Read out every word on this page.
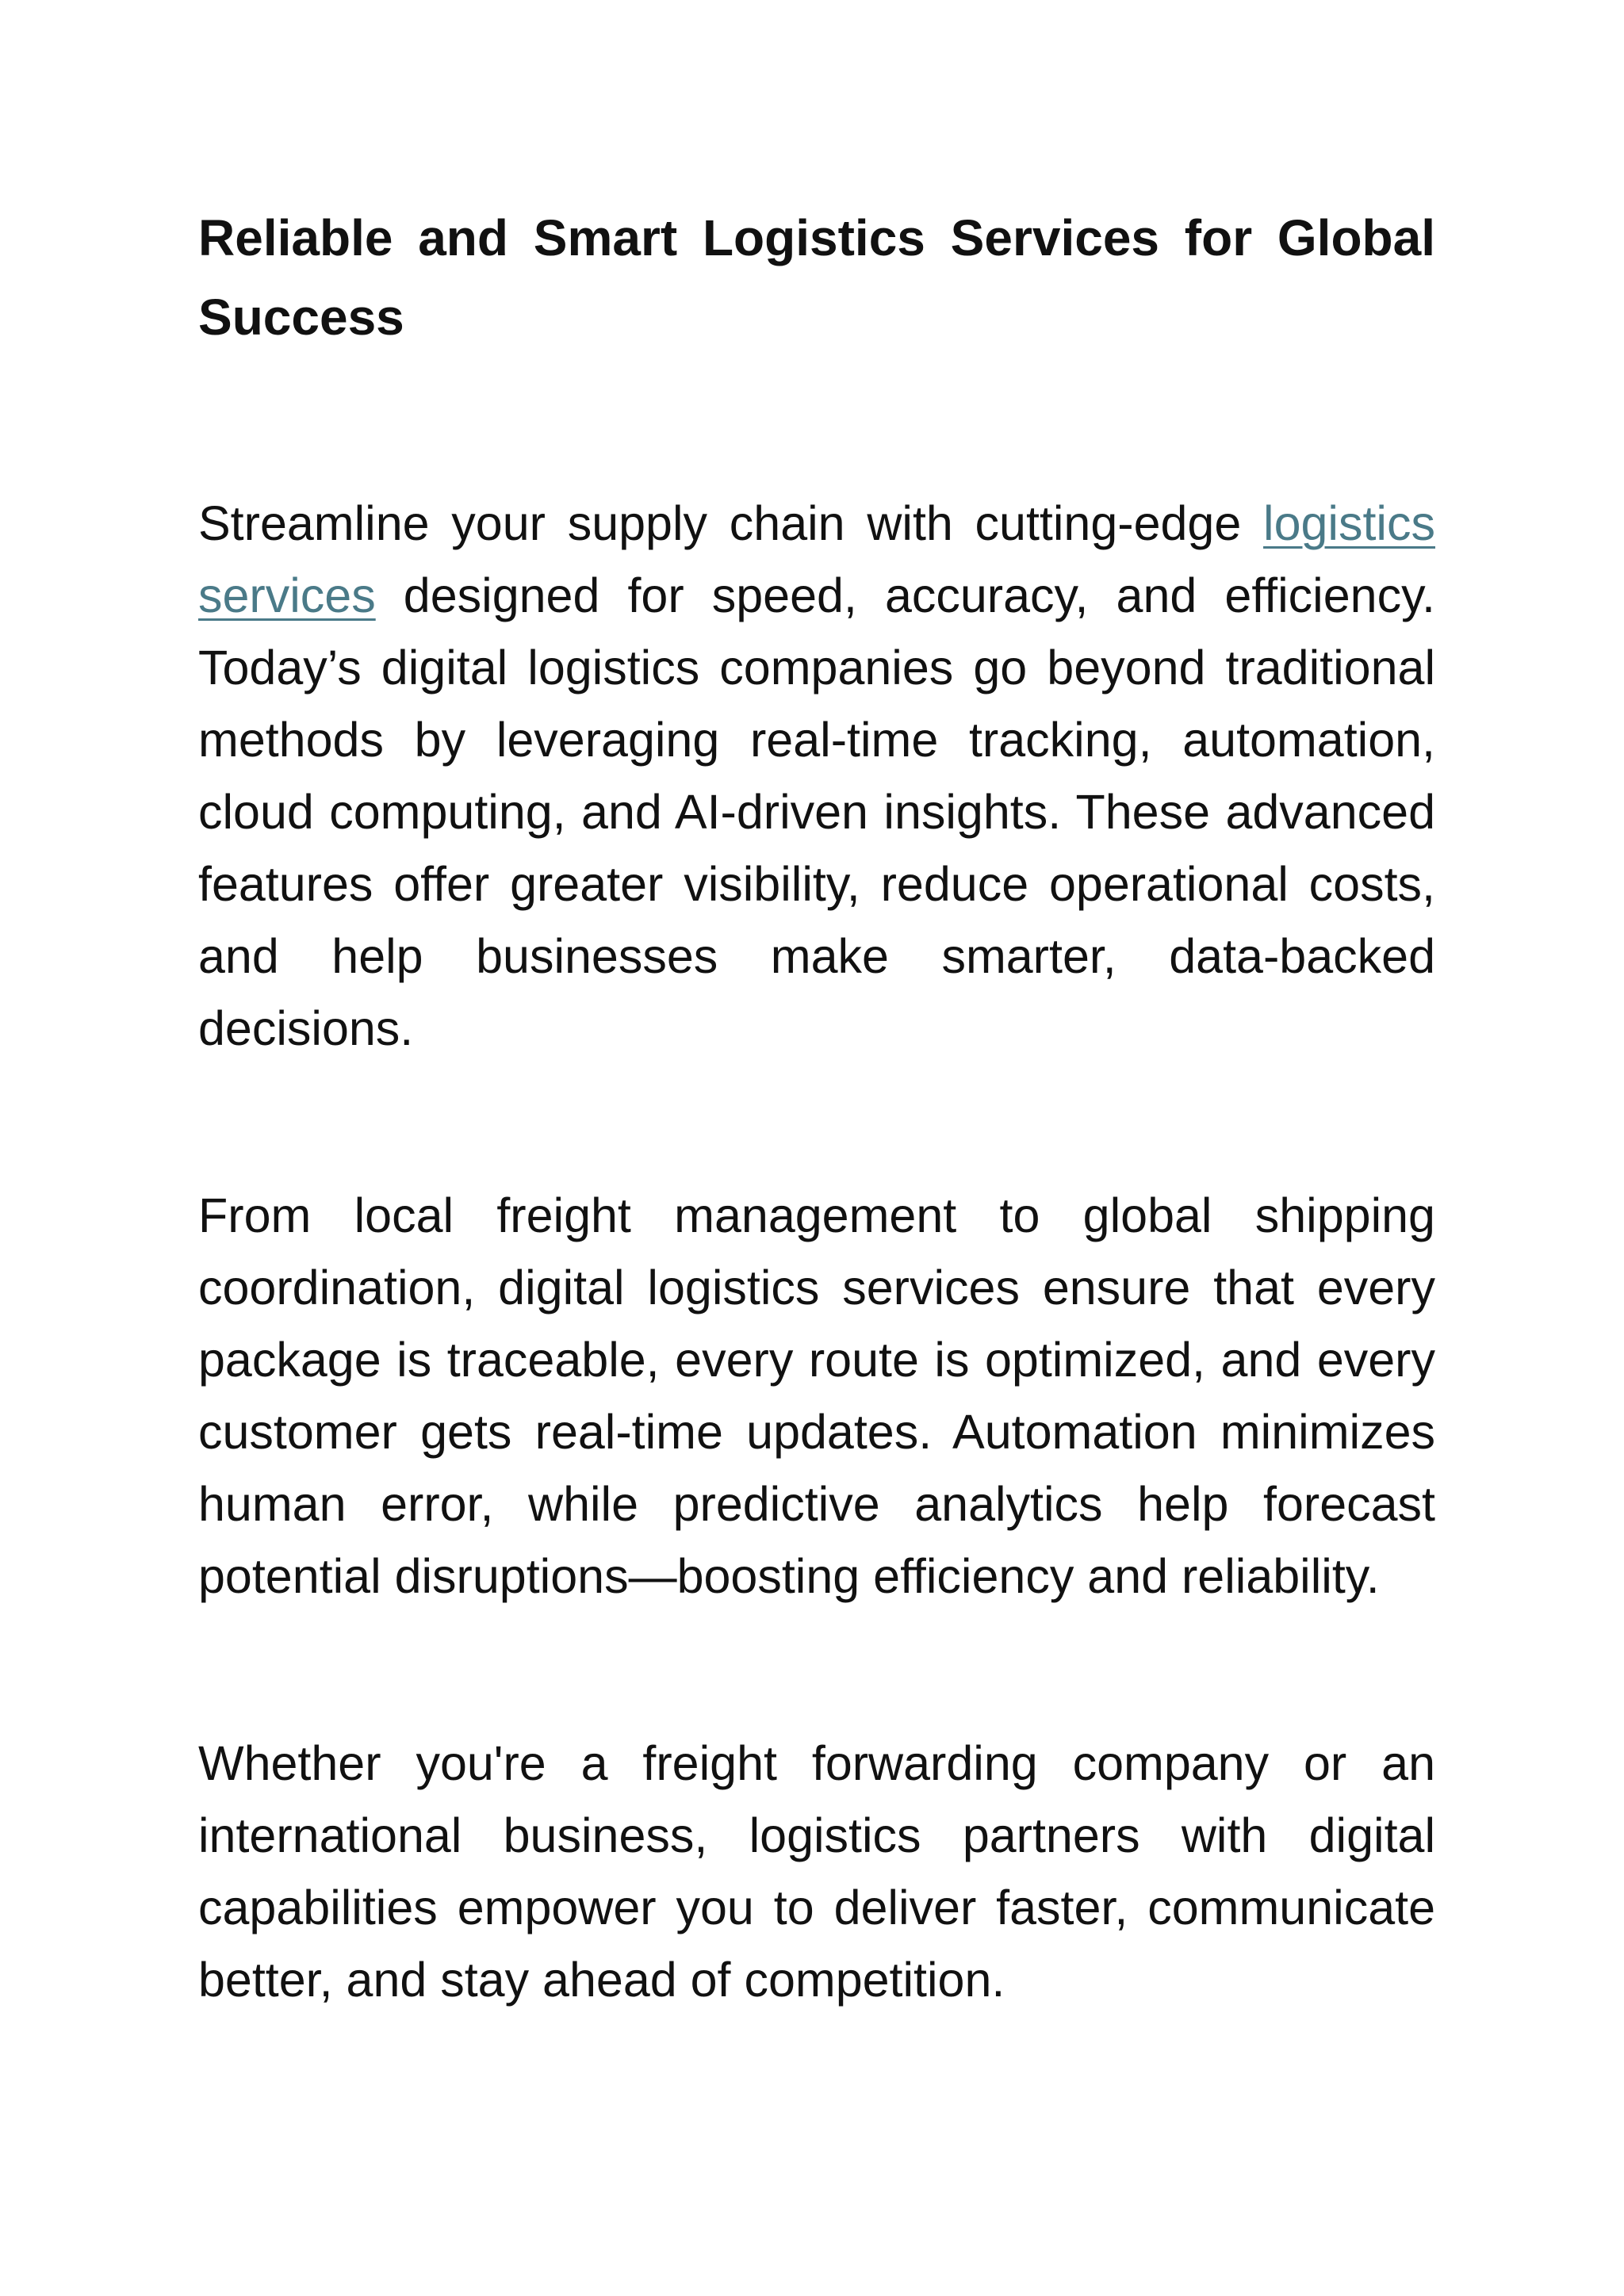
Reliable and Smart Logistics Services for Global Success

Streamline your supply chain with cutting-edge logistics services designed for speed, accuracy, and efficiency. Today’s digital logistics companies go beyond traditional methods by leveraging real-time tracking, automation, cloud computing, and AI-driven insights. These advanced features offer greater visibility, reduce operational costs, and help businesses make smarter, data-backed decisions.

From local freight management to global shipping coordination, digital logistics services ensure that every package is traceable, every route is optimized, and every customer gets real-time updates. Automation minimizes human error, while predictive analytics help forecast potential disruptions—boosting efficiency and reliability.

Whether you're a freight forwarding company or an international business, logistics partners with digital capabilities empower you to deliver faster, communicate better, and stay ahead of competition.
